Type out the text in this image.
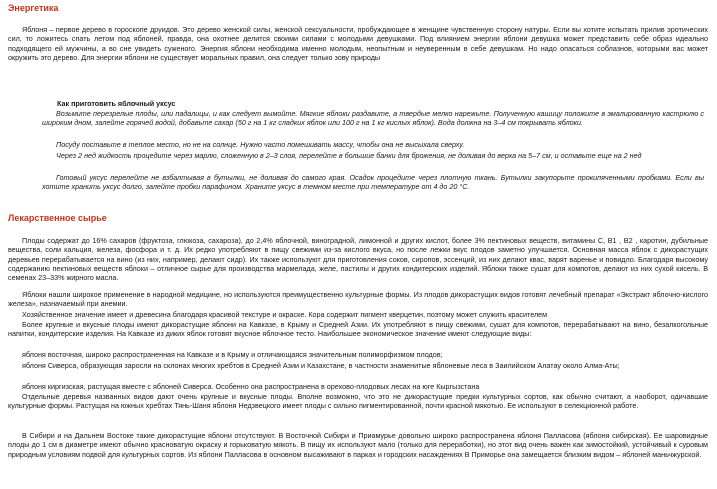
Энергетика

Яблоня – первое дерево в гороскопе друидов. Это дерево женской силы, женской сексуальности, пробуждающее в женщине чувственную сторону натуры. Если вы хотите испытать прилив эротических сил, то ложитесь спать летом под яблоней, правда, она охотнее делится своими силами с молодыми девушками. Под влиянием энергии яблони девушка может представить себе образ идеально подходящего ей мужчины, а во сне увидеть суженого. Энергия яблони необходима именно молодым, неопытным и неуверенным в себе девушкам. Но надо опасаться соблазнов, которыми вас может окружить это дерево. Для энергии яблони не существует моральных правил, она следует только зову природы

Как приготовить яблочный уксус

Возьмите перезрелые плоды, или падалицы, и как следует вымойте. Мягкие яблоки раздавите, а твердые мелко нарежьте. Полученную кашицу положите в эмалированную кастрюлю с широким дном, залейте горячей водой, добавьте сахар (50 г на 1 кг сладких яблок или 100 г на 1 кг кислых яблок). Вода должна на 3–4 см покрывать яблоки.

Посуду поставьте в теплое место, но не на солнце. Нужно часто помешивать массу, чтобы она не высыхала сверху.

Через 2 нед жидкость процедите через марлю, сложенную в 2–3 слоя, перелейте в большие банки для брожения, не доливая до верха на 5–7 см, и оставьте еще на 2 нед

Готовый уксус перелейте не взбалтывая в бутылки, не доливая до самого края. Осадок процедите через плотную ткань. Бутылки закупорьте прокипяченными пробками. Если вы хотите хранить уксус долго, залейте пробки парафином. Храните уксус в темном месте при температуре от 4 до 20 °С.

Лекарственное сырье

Плоды содержат до 16% сахаров (фруктоза, глюкоза, сахароза), до 2,4% яблочной, виноградной, лимонной и других кислот, более 3% пектиновых веществ, витамины C, B1 , B2 , каротин, дубильные вещества, соли кальция, железа, фосфора и т. д. Их редко употребляют в пищу свежими из-за кислого вкуса, но после лежки вкус плодов заметно улучшается. Основная масса яблок с дикорастущих деревьев перерабатывается на вино (из них, например, делают сидр). Их также используют для приготовления соков, сиропов, эссенций, из них делают квас, варят варенье и повидло. Благодаря высокому содержанию пектиновых веществ яблоки – отличное сырье для производства мармелада, желе, пастилы и других кондитерских изделий. Яблоки также сушат для компотов, делают из них сухой кисель. В семенах 23–33% жирного масла.

Яблоки нашли широкое применение в народной медицине, но используются преимущественно культурные формы. Из плодов дикорастущих видов готовят лечебный препарат «Экстракт яблочно-кислого железа», назначаемый при анемии.

Хозяйственное значение имеет и древесина благодаря красивой текстуре и окраске. Кора содержит пигмент кверцетин, поэтому может служить красителем

Более крупные и вкусные плоды имеют дикорастущие яблони на Кавказе, в Крыму и Средней Азии. Их употребляют в пищу свежими, сушат для компотов, перерабатывают на вино, безалкогольные напитки, кондитерские изделия. На Кавказе из диких яблок готовят вкусное яблочное тесто. Наибольшее экономическое значение имеют следующие виды:

яблоня восточная, широко распространенная на Кавказе и в Крыму и отличающаяся значительным полиморфизмом плодов;

яблоня Сиверса, образующая заросли на склонах многих хребтов в Средней Азии и Казахстане, в частности знаменитые яблоневые леса в Заилийском Алатау около Алма-Аты;

яблоня киргизская, растущая вместе с яблоней Сиверса. Особенно она распространена в орехово-плодовых лесах на юге Кыргызстана

Отдельные деревья названных видов дают очень крупные и вкусные плоды. Вполне возможно, что это не дикорастущие предки культурных сортов, как обычно считают, а наоборот, одичавшие культурные формы. Растущая на южных хребтах Тянь-Шаня яблоня Недзвецкого имеет плоды с сильно пигментированной, почти красной мякотью. Ее используют в селекционной работе.

В Сибири и на Дальнем Востоке такие дикорастущие яблони отсутствуют. В Восточной Сибири и Приамурье довольно широко распространена яблоня Палласова (яблоня сибирская). Ее шаровидные плоды до 1 см в диаметре имеют обычно красноватую окраску и горьковатую мякоть. В пищу их используют мало (только для переработки), но этот вид очень важен как зимостойкий, устойчивый к суровым природным условиям подвой для культурных сортов. Из яблони Палласова в основном высаживают в парках и городских насаждениях В Приморье она замещается близким видом – яблоней маньчжурской.
